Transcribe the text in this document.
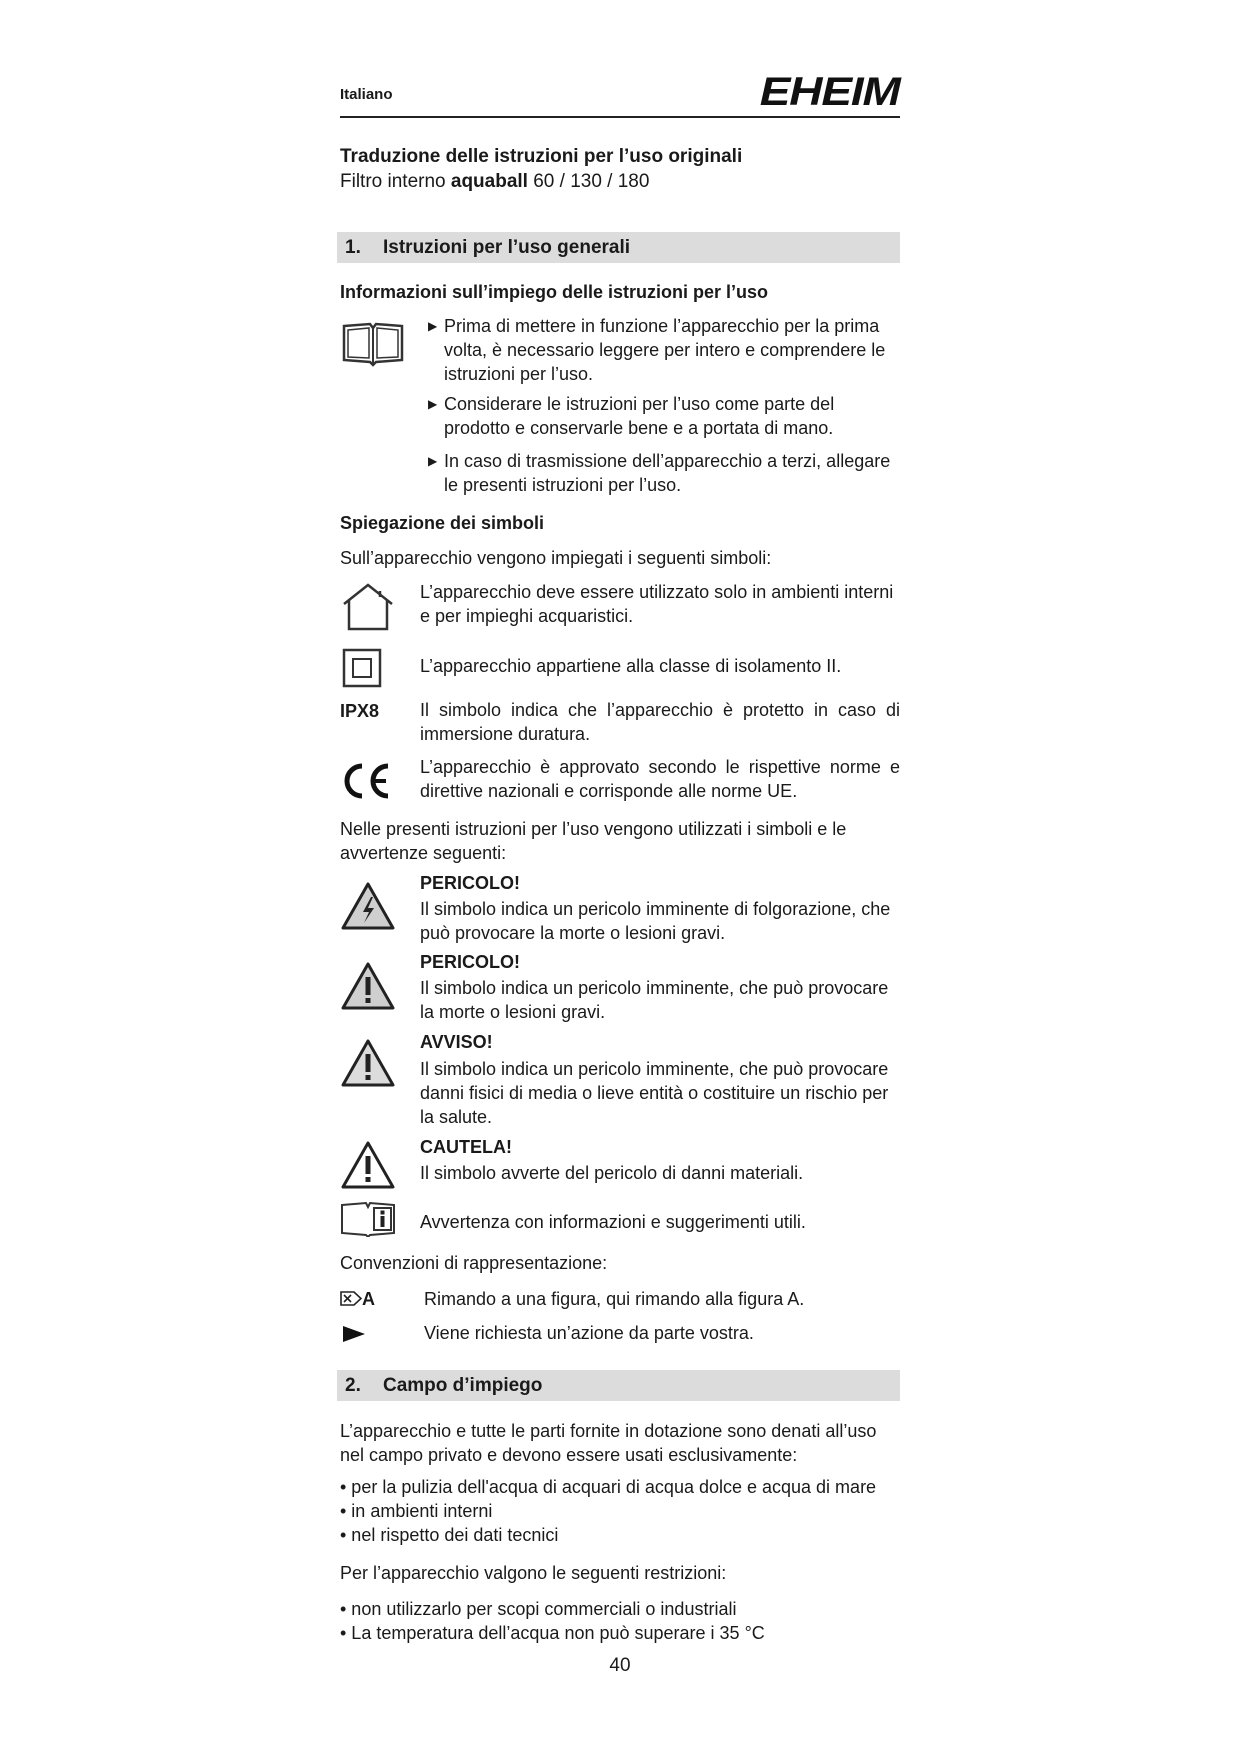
Italiano	EHEIM
Traduzione delle istruzioni per l’uso originali
Filtro interno aquaball 60 / 130 / 180
1. Istruzioni per l’uso generali
Informazioni sull’impiego delle istruzioni per l’uso
▶ Prima di mettere in funzione l’apparecchio per la prima volta, è necessario leggere per intero e comprendere le istruzioni per l’uso.
▶ Considerare le istruzioni per l’uso come parte del prodotto e conservarle bene e a portata di mano.
▶ In caso di trasmissione dell’apparecchio a terzi, allegare le presenti istruzioni per l’uso.
Spiegazione dei simboli
Sull’apparecchio vengono impiegati i seguenti simboli:
L’apparecchio deve essere utilizzato solo in ambienti interni e per impieghi acquaristici.
L’apparecchio appartiene alla classe di isolamento II.
IPX8 Il simbolo indica che l’apparecchio è protetto in caso di immersione duratura.
L’apparecchio è approvato secondo le rispettive norme e direttive nazionali e corrisponde alle norme UE.
Nelle presenti istruzioni per l’uso vengono utilizzati i simboli e le avvertenze seguenti:
PERICOLO!
Il simbolo indica un pericolo imminente di folgorazione, che può provocare la morte o lesioni gravi.
PERICOLO!
Il simbolo indica un pericolo imminente, che può provocare la morte o lesioni gravi.
AVVISO!
Il simbolo indica un pericolo imminente, che può provocare danni fisici di media o lieve entità o costituire un rischio per la salute.
CAUTELA!
Il simbolo avverte del pericolo di danni materiali.
Avvertenza con informazioni e suggerimenti utili.
Convenzioni di rappresentazione:
A	Rimando a una figura, qui rimando alla figura A.
Viene richiesta un’azione da parte vostra.
2. Campo d’impiego
L’apparecchio e tutte le parti fornite in dotazione sono denati all’uso nel campo privato e devono essere usati esclusivamente:
• per la pulizia dell'acqua di acquari di acqua dolce e acqua di mare
• in ambienti interni
• nel rispetto dei dati tecnici
Per l’apparecchio valgono le seguenti restrizioni:
• non utilizzarlo per scopi commerciali o industriali
• La temperatura dell’acqua non può superare i 35 °C
40
